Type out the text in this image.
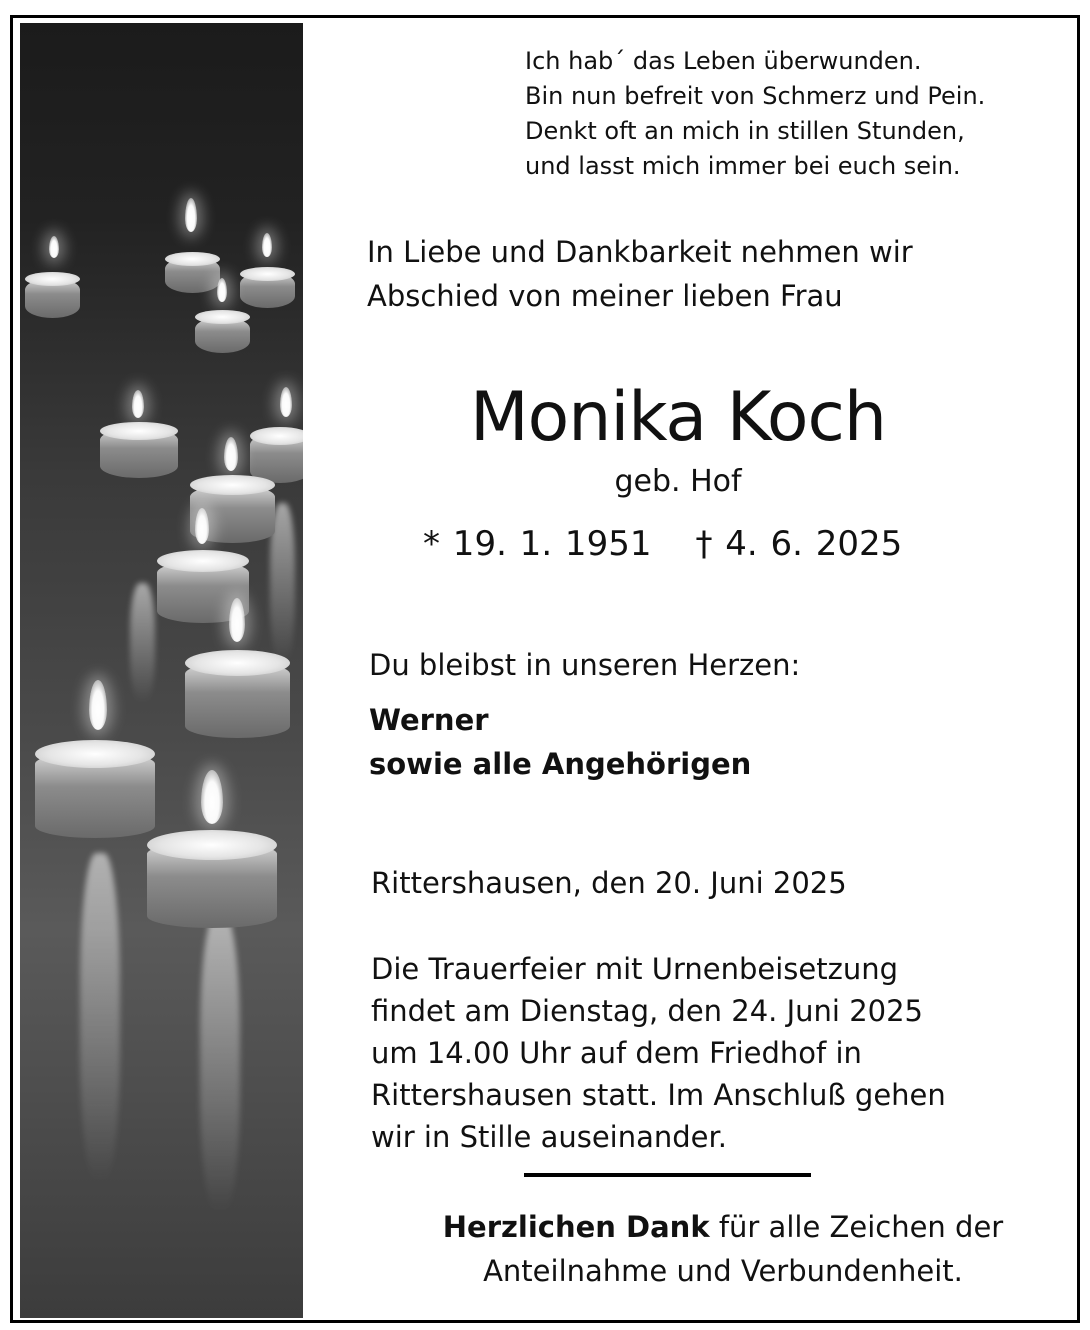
Ich hab´ das Leben überwunden.
Bin nun befreit von Schmerz und Pein.
Denkt oft an mich in stillen Stunden,
und lasst mich immer bei euch sein.
In Liebe und Dankbarkeit nehmen wir
Abschied von meiner lieben Frau
Monika Koch
geb. Hof
* 19. 1. 1951 † 4. 6. 2025
Du bleibst in unseren Herzen:
Werner
sowie alle Angehörigen
Rittershausen, den 20. Juni 2025
Die Trauerfeier mit Urnenbeisetzung
findet am Dienstag, den 24. Juni 2025
um 14.00 Uhr auf dem Friedhof in
Rittershausen statt. Im Anschluß gehen
wir in Stille auseinander.
Herzlichen Dank für alle Zeichen der
Anteilnahme und Verbundenheit.
